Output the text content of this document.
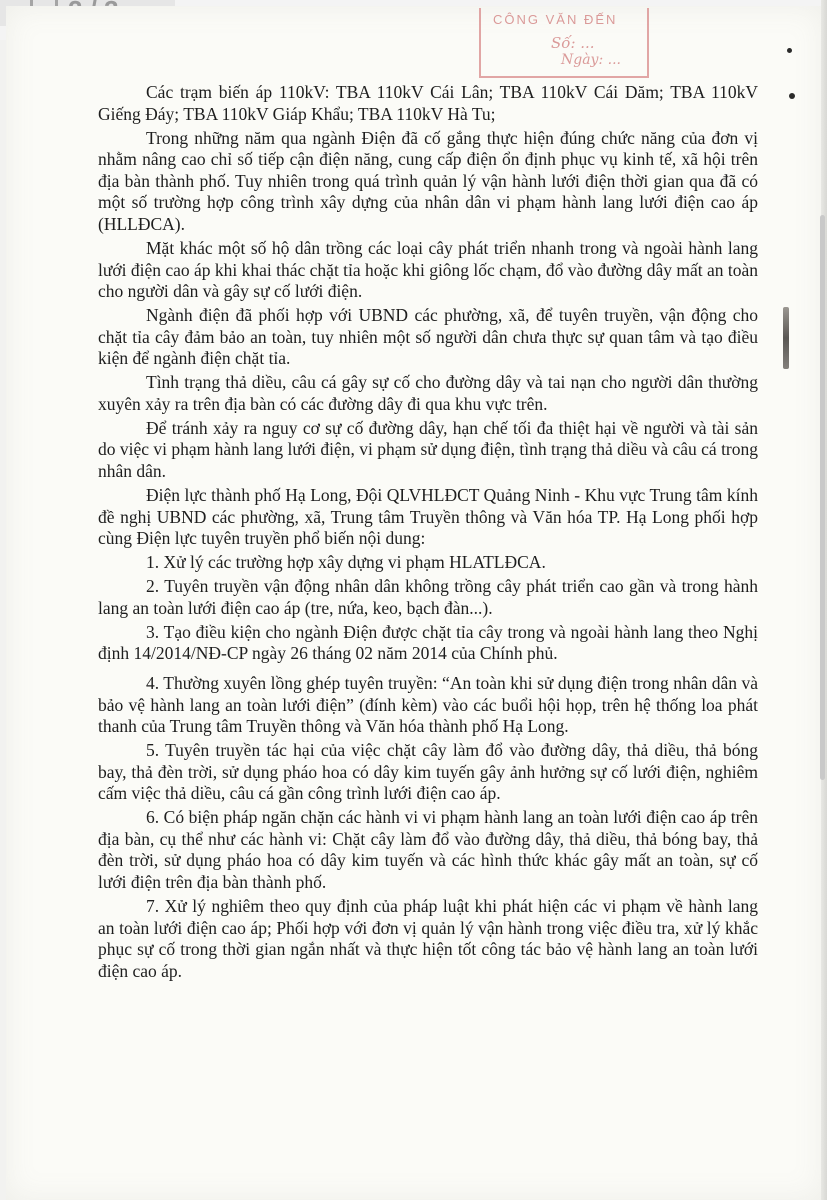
CÔNG VĂN ĐẾN
Số: ...
Ngày: ...

Các trạm biến áp 110kV: TBA 110kV Cái Lân; TBA 110kV Cái Dăm; TBA 110kV Giếng Đáy; TBA 110kV Giáp Khẩu; TBA 110kV Hà Tu;

Trong những năm qua ngành Điện đã cố gắng thực hiện đúng chức năng của đơn vị nhằm nâng cao chỉ số tiếp cận điện năng, cung cấp điện ổn định phục vụ kinh tế, xã hội trên địa bàn thành phố. Tuy nhiên trong quá trình quản lý vận hành lưới điện thời gian qua đã có một số trường hợp công trình xây dựng của nhân dân vi phạm hành lang lưới điện cao áp (HLLĐCA).

Mặt khác một số hộ dân trồng các loại cây phát triển nhanh trong và ngoài hành lang lưới điện cao áp khi khai thác chặt tỉa hoặc khi giông lốc chạm, đổ vào đường dây mất an toàn cho người dân và gây sự cố lưới điện.

Ngành điện đã phối hợp với UBND các phường, xã, để tuyên truyền, vận động cho chặt tỉa cây đảm bảo an toàn, tuy nhiên một số người dân chưa thực sự quan tâm và tạo điều kiện để ngành điện chặt tỉa.

Tình trạng thả diều, câu cá gây sự cố cho đường dây và tai nạn cho người dân thường xuyên xảy ra trên địa bàn có các đường dây đi qua khu vực trên.

Để tránh xảy ra nguy cơ sự cố đường dây, hạn chế tối đa thiệt hại về người và tài sản do việc vi phạm hành lang lưới điện, vi phạm sử dụng điện, tình trạng thả diều và câu cá trong nhân dân.

Điện lực thành phố Hạ Long, Đội QLVHLĐCT Quảng Ninh - Khu vực Trung tâm kính đề nghị UBND các phường, xã, Trung tâm Truyền thông và Văn hóa TP. Hạ Long phối hợp cùng Điện lực tuyên truyền phổ biến nội dung:

1. Xử lý các trường hợp xây dựng vi phạm HLATLĐCA.

2. Tuyên truyền vận động nhân dân không trồng cây phát triển cao gần và trong hành lang an toàn lưới điện cao áp (tre, nứa, keo, bạch đàn...).

3. Tạo điều kiện cho ngành Điện được chặt tỉa cây trong và ngoài hành lang theo Nghị định 14/2014/NĐ-CP ngày 26 tháng 02 năm 2014 của Chính phủ.

4. Thường xuyên lồng ghép tuyên truyền: “An toàn khi sử dụng điện trong nhân dân và bảo vệ hành lang an toàn lưới điện” (đính kèm) vào các buổi hội họp, trên hệ thống loa phát thanh của Trung tâm Truyền thông và Văn hóa thành phố Hạ Long.

5. Tuyên truyền tác hại của việc chặt cây làm đổ vào đường dây, thả diều, thả bóng bay, thả đèn trời, sử dụng pháo hoa có dây kim tuyến gây ảnh hưởng sự cố lưới điện, nghiêm cấm việc thả diều, câu cá gần công trình lưới điện cao áp.

6. Có biện pháp ngăn chặn các hành vi vi phạm hành lang an toàn lưới điện cao áp trên địa bàn, cụ thể như các hành vi: Chặt cây làm đổ vào đường dây, thả diều, thả bóng bay, thả đèn trời, sử dụng pháo hoa có dây kim tuyến và các hình thức khác gây mất an toàn, sự cố lưới điện trên địa bàn thành phố.

7. Xử lý nghiêm theo quy định của pháp luật khi phát hiện các vi phạm về hành lang an toàn lưới điện cao áp; Phối hợp với đơn vị quản lý vận hành trong việc điều tra, xử lý khắc phục sự cố trong thời gian ngắn nhất và thực hiện tốt công tác bảo vệ hành lang an toàn lưới điện cao áp.
